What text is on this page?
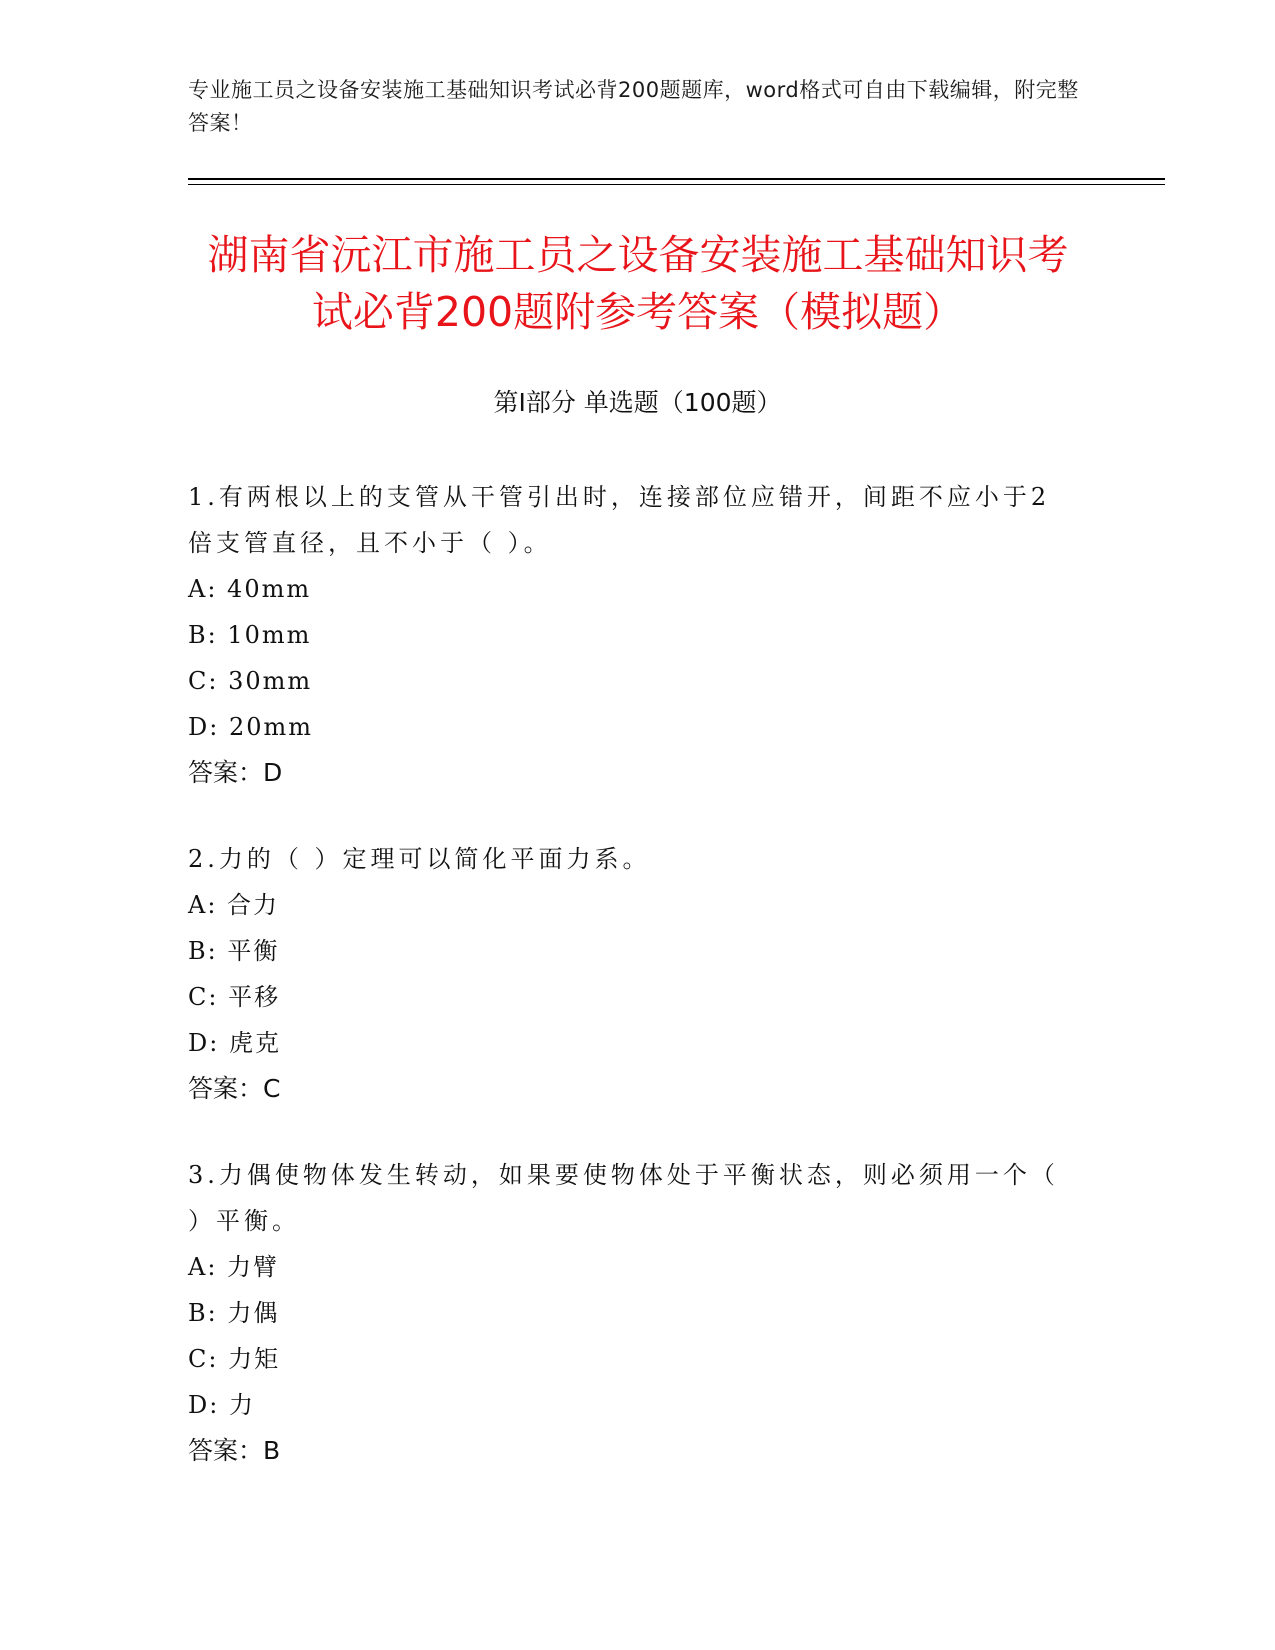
专业施工员之设备安装施工基础知识考试必背200题题库，word格式可自由下载编辑，附完整答案！
湖南省沅江市施工员之设备安装施工基础知识考试必背200题附参考答案（模拟题）
第I部分 单选题（100题）

1.有两根以上的支管从干管引出时，连接部位应错开，间距不应小于2倍支管直径，且不小于（ ）。

A: 40mm

B: 10mm

C: 30mm

D: 20mm

答案：D

2.力的（ ）定理可以简化平面力系。

A: 合力

B: 平衡

C: 平移

D: 虎克

答案：C

3.力偶使物体发生转动，如果要使物体处于平衡状态，则必须用一个（ ）平衡。

A: 力臂

B: 力偶

C: 力矩

D: 力

答案：B
